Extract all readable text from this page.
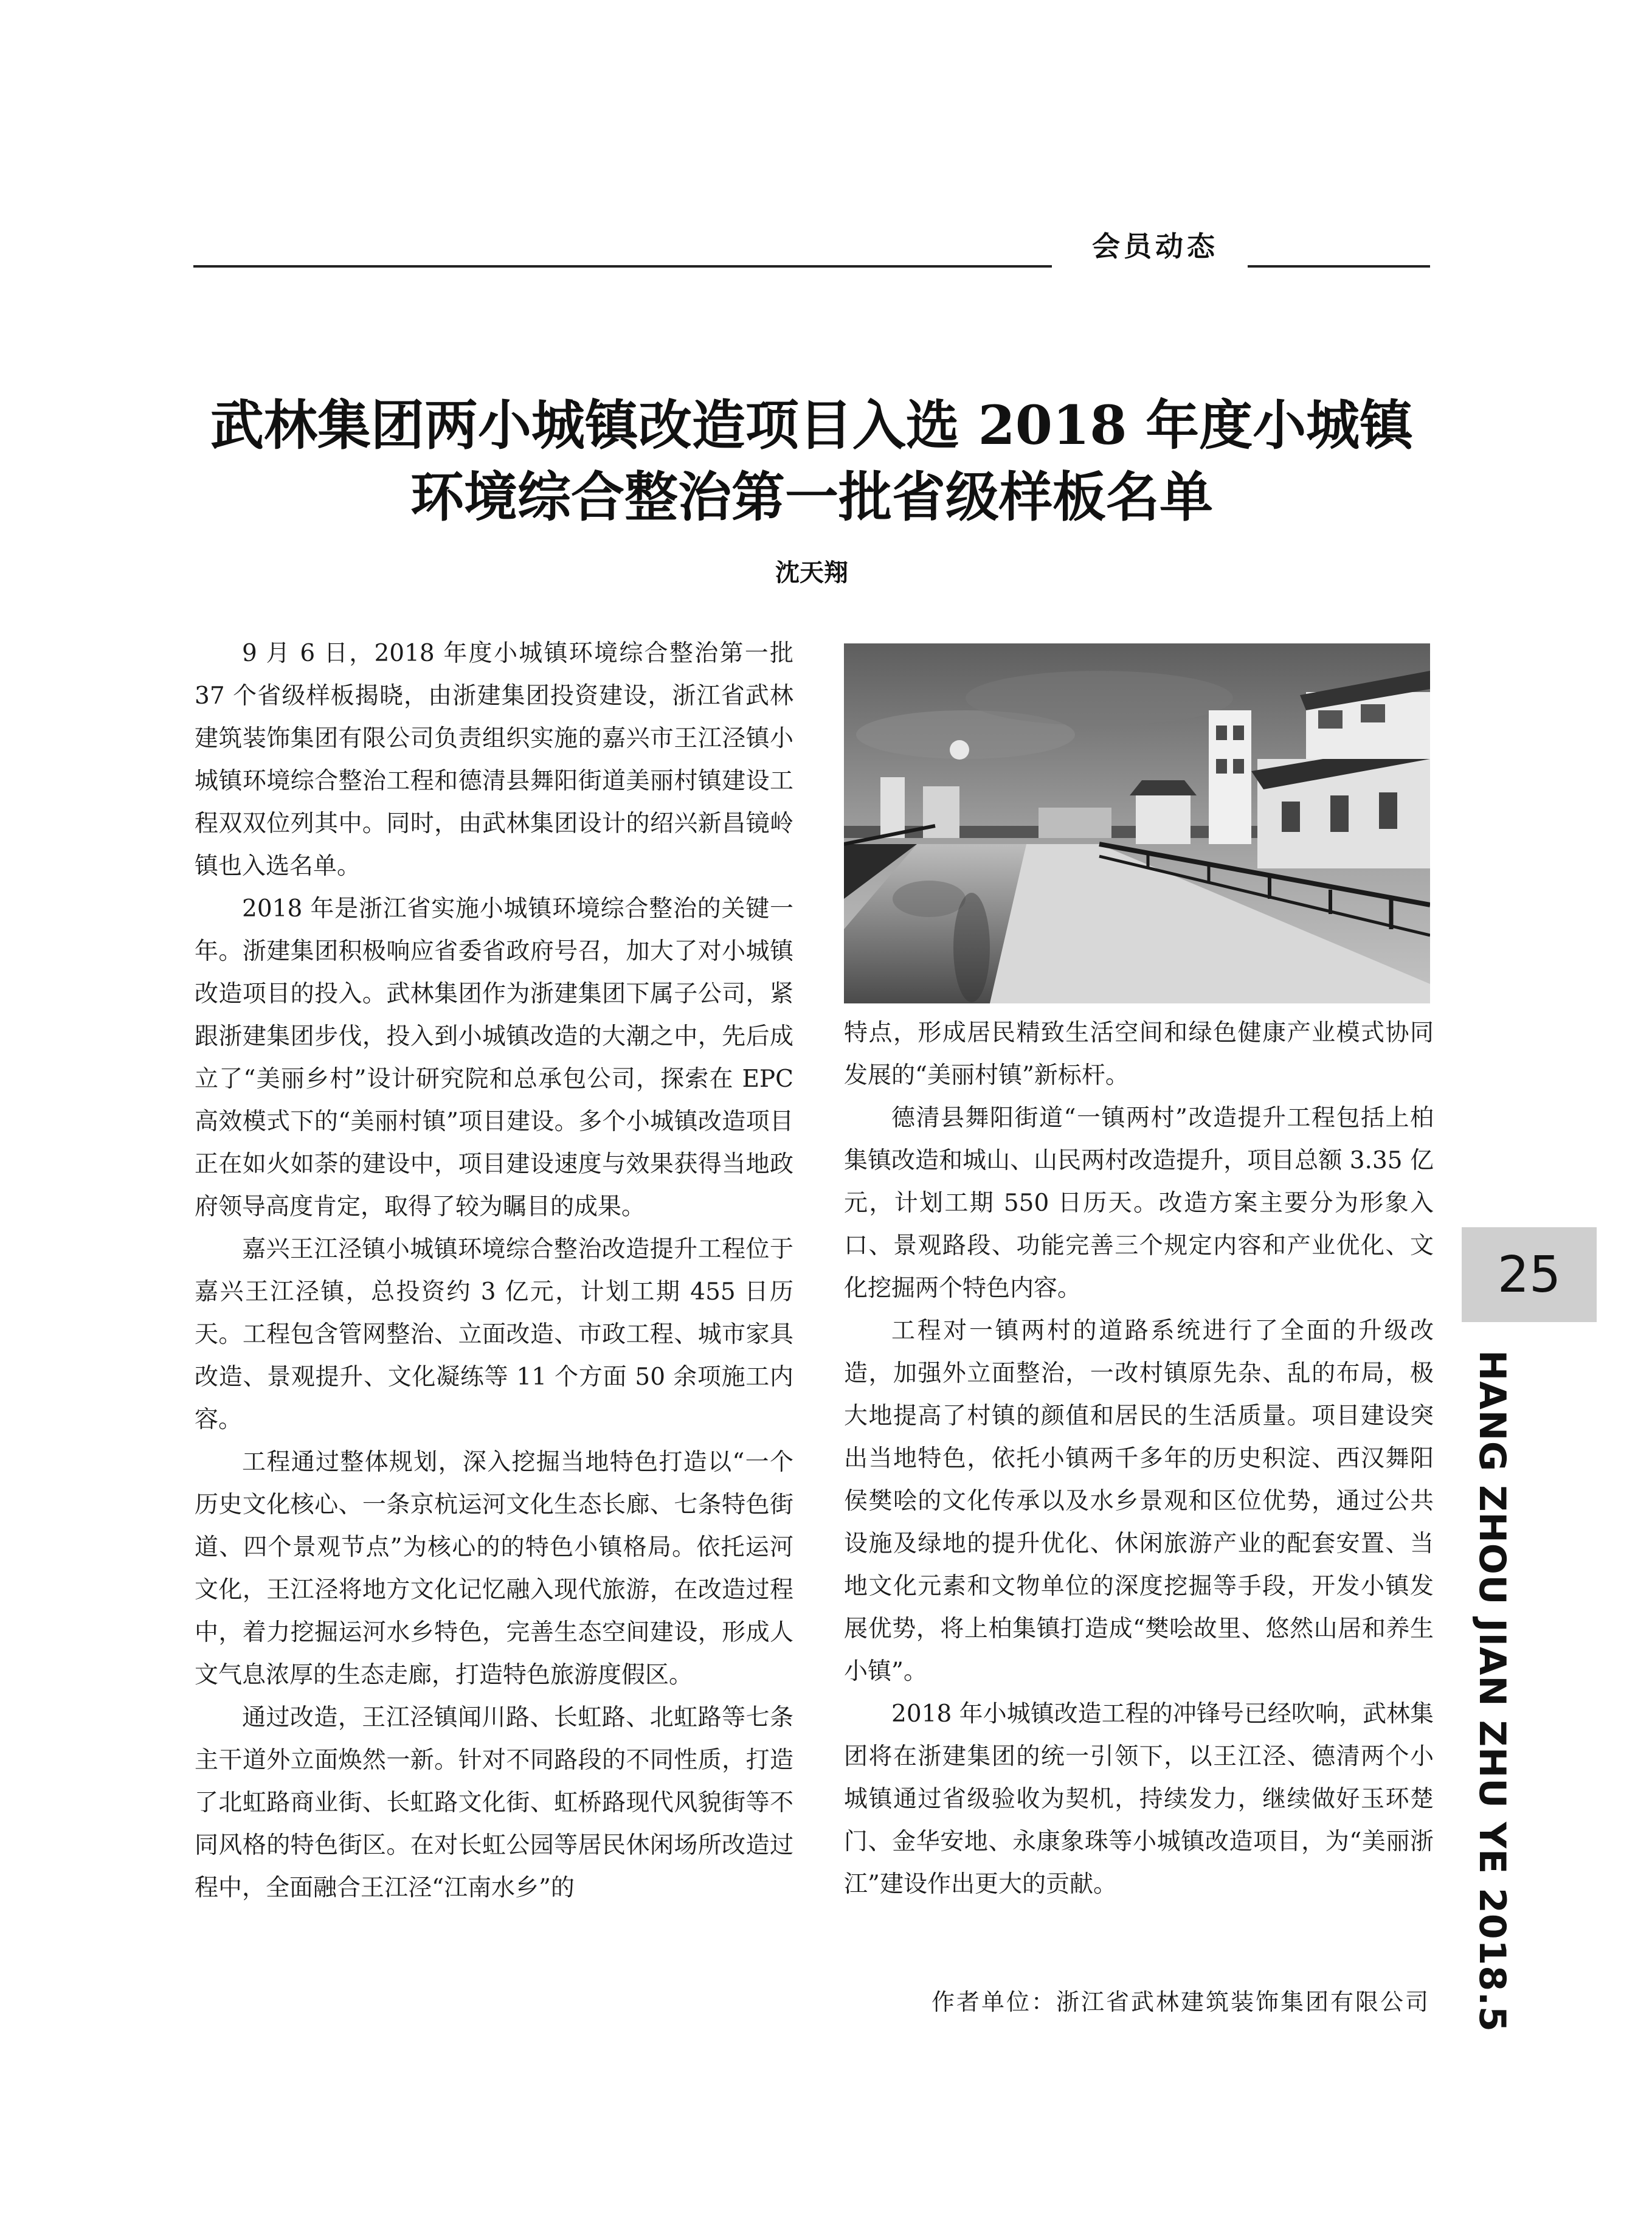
会员动态
武林集团两小城镇改造项目入选 2018 年度小城镇
环境综合整治第一批省级样板名单
沈天翔

9 月 6 日，2018 年度小城镇环境综合整治第一批 37 个省级样板揭晓，由浙建集团投资建设，浙江省武林建筑装饰集团有限公司负责组织实施的嘉兴市王江泾镇小城镇环境综合整治工程和德清县舞阳街道美丽村镇建设工程双双位列其中。同时，由武林集团设计的绍兴新昌镜岭镇也入选名单。

2018 年是浙江省实施小城镇环境综合整治的关键一年。浙建集团积极响应省委省政府号召，加大了对小城镇改造项目的投入。武林集团作为浙建集团下属子公司，紧跟浙建集团步伐，投入到小城镇改造的大潮之中，先后成立了“美丽乡村”设计研究院和总承包公司，探索在 EPC 高效模式下的“美丽村镇”项目建设。多个小城镇改造项目正在如火如荼的建设中，项目建设速度与效果获得当地政府领导高度肯定，取得了较为瞩目的成果。

嘉兴王江泾镇小城镇环境综合整治改造提升工程位于嘉兴王江泾镇，总投资约 3 亿元，计划工期 455 日历天。工程包含管网整治、立面改造、市政工程、城市家具改造、景观提升、文化凝练等 11 个方面 50 余项施工内容。

工程通过整体规划，深入挖掘当地特色打造以“一个历史文化核心、一条京杭运河文化生态长廊、七条特色街道、四个景观节点”为核心的的特色小镇格局。依托运河文化，王江泾将地方文化记忆融入现代旅游，在改造过程中，着力挖掘运河水乡特色，完善生态空间建设，形成人文气息浓厚的生态走廊，打造特色旅游度假区。

通过改造，王江泾镇闻川路、长虹路、北虹路等七条主干道外立面焕然一新。针对不同路段的不同性质，打造了北虹路商业街、长虹路文化街、虹桥路现代风貌街等不同风格的特色街区。在对长虹公园等居民休闲场所改造过程中，全面融合王江泾“江南水乡”的

特点，形成居民精致生活空间和绿色健康产业模式协同发展的“美丽村镇”新标杆。

德清县舞阳街道“一镇两村”改造提升工程包括上柏集镇改造和城山、山民两村改造提升，项目总额 3.35 亿元，计划工期 550 日历天。改造方案主要分为形象入口、景观路段、功能完善三个规定内容和产业优化、文化挖掘两个特色内容。

工程对一镇两村的道路系统进行了全面的升级改造，加强外立面整治，一改村镇原先杂、乱的布局，极大地提高了村镇的颜值和居民的生活质量。项目建设突出当地特色，依托小镇两千多年的历史积淀、西汉舞阳侯樊哙的文化传承以及水乡景观和区位优势，通过公共设施及绿地的提升优化、休闲旅游产业的配套安置、当地文化元素和文物单位的深度挖掘等手段，开发小镇发展优势，将上柏集镇打造成“樊哙故里、悠然山居和养生小镇”。

2018 年小城镇改造工程的冲锋号已经吹响，武林集团将在浙建集团的统一引领下，以王江泾、德清两个小城镇通过省级验收为契机，持续发力，继续做好玉环楚门、金华安地、永康象珠等小城镇改造项目，为“美丽浙江”建设作出更大的贡献。

作者单位：浙江省武林建筑装饰集团有限公司
25
HANG ZHOU JIAN ZHU YE 2018.5
